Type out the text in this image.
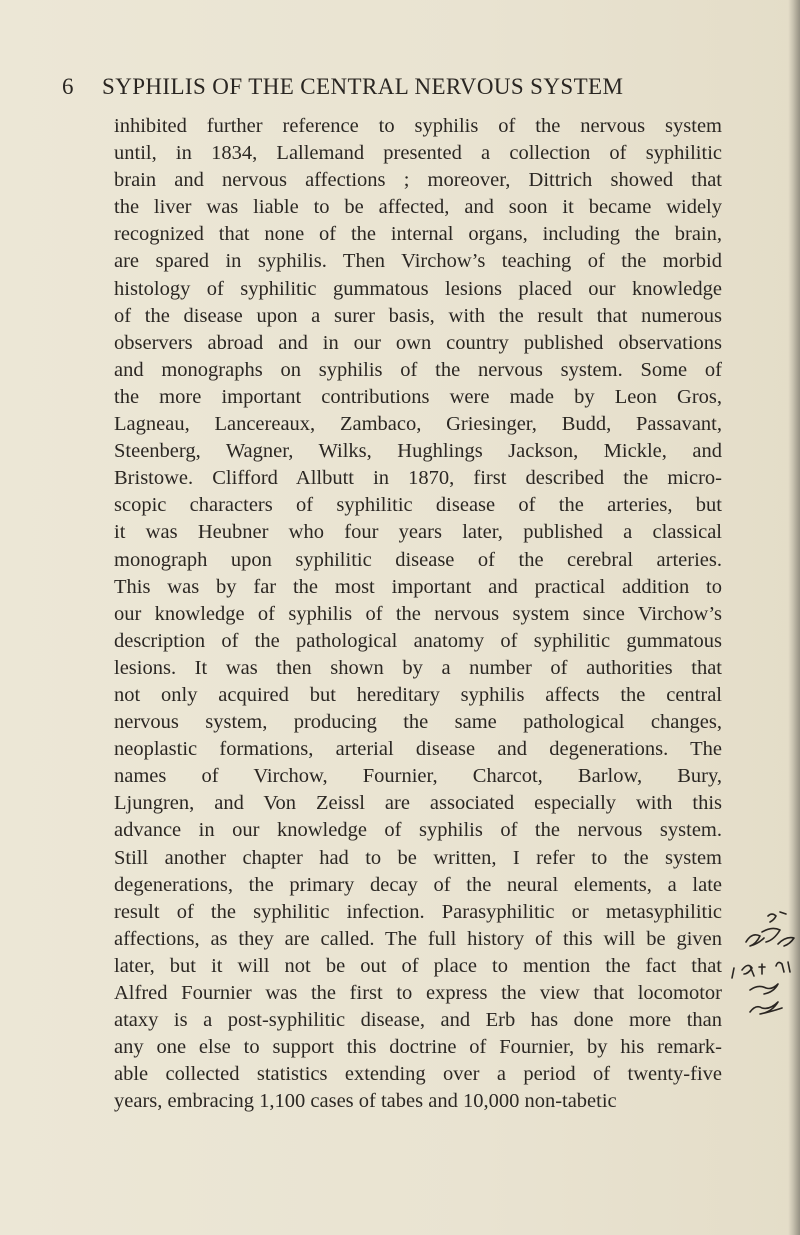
6 SYPHILIS OF THE CENTRAL NERVOUS SYSTEM
inhibited further reference to syphilis of the nervous system
until, in 1834, Lallemand presented a collection of syphilitic
brain and nervous affections ; moreover, Dittrich showed that
the liver was liable to be affected, and soon it became widely
recognized that none of the internal organs, including the brain,
are spared in syphilis. Then Virchow’s teaching of the morbid
histology of syphilitic gummatous lesions placed our knowledge
of the disease upon a surer basis, with the result that numerous
observers abroad and in our own country published observations
and monographs on syphilis of the nervous system. Some of
the more important contributions were made by Leon Gros,
Lagneau, Lancereaux, Zambaco, Griesinger, Budd, Passavant,
Steenberg, Wagner, Wilks, Hughlings Jackson, Mickle, and
Bristowe. Clifford Allbutt in 1870, first described the micro-
scopic characters of syphilitic disease of the arteries, but
it was Heubner who four years later, published a classical
monograph upon syphilitic disease of the cerebral arteries.
This was by far the most important and practical addition to
our knowledge of syphilis of the nervous system since Virchow’s
description of the pathological anatomy of syphilitic gummatous
lesions. It was then shown by a number of authorities that
not only acquired but hereditary syphilis affects the central
nervous system, producing the same pathological changes,
neoplastic formations, arterial disease and degenerations. The
names of Virchow, Fournier, Charcot, Barlow, Bury,
Ljungren, and Von Zeissl are associated especially with this
advance in our knowledge of syphilis of the nervous system.
Still another chapter had to be written, I refer to the system
degenerations, the primary decay of the neural elements, a late
result of the syphilitic infection. Parasyphilitic or metasyphilitic
affections, as they are called. The full history of this will be given
later, but it will not be out of place to mention the fact that
Alfred Fournier was the first to express the view that locomotor
ataxy is a post-syphilitic disease, and Erb has done more than
any one else to support this doctrine of Fournier, by his remark-
able collected statistics extending over a period of twenty-five
years, embracing 1,100 cases of tabes and 10,000 non-tabetic
